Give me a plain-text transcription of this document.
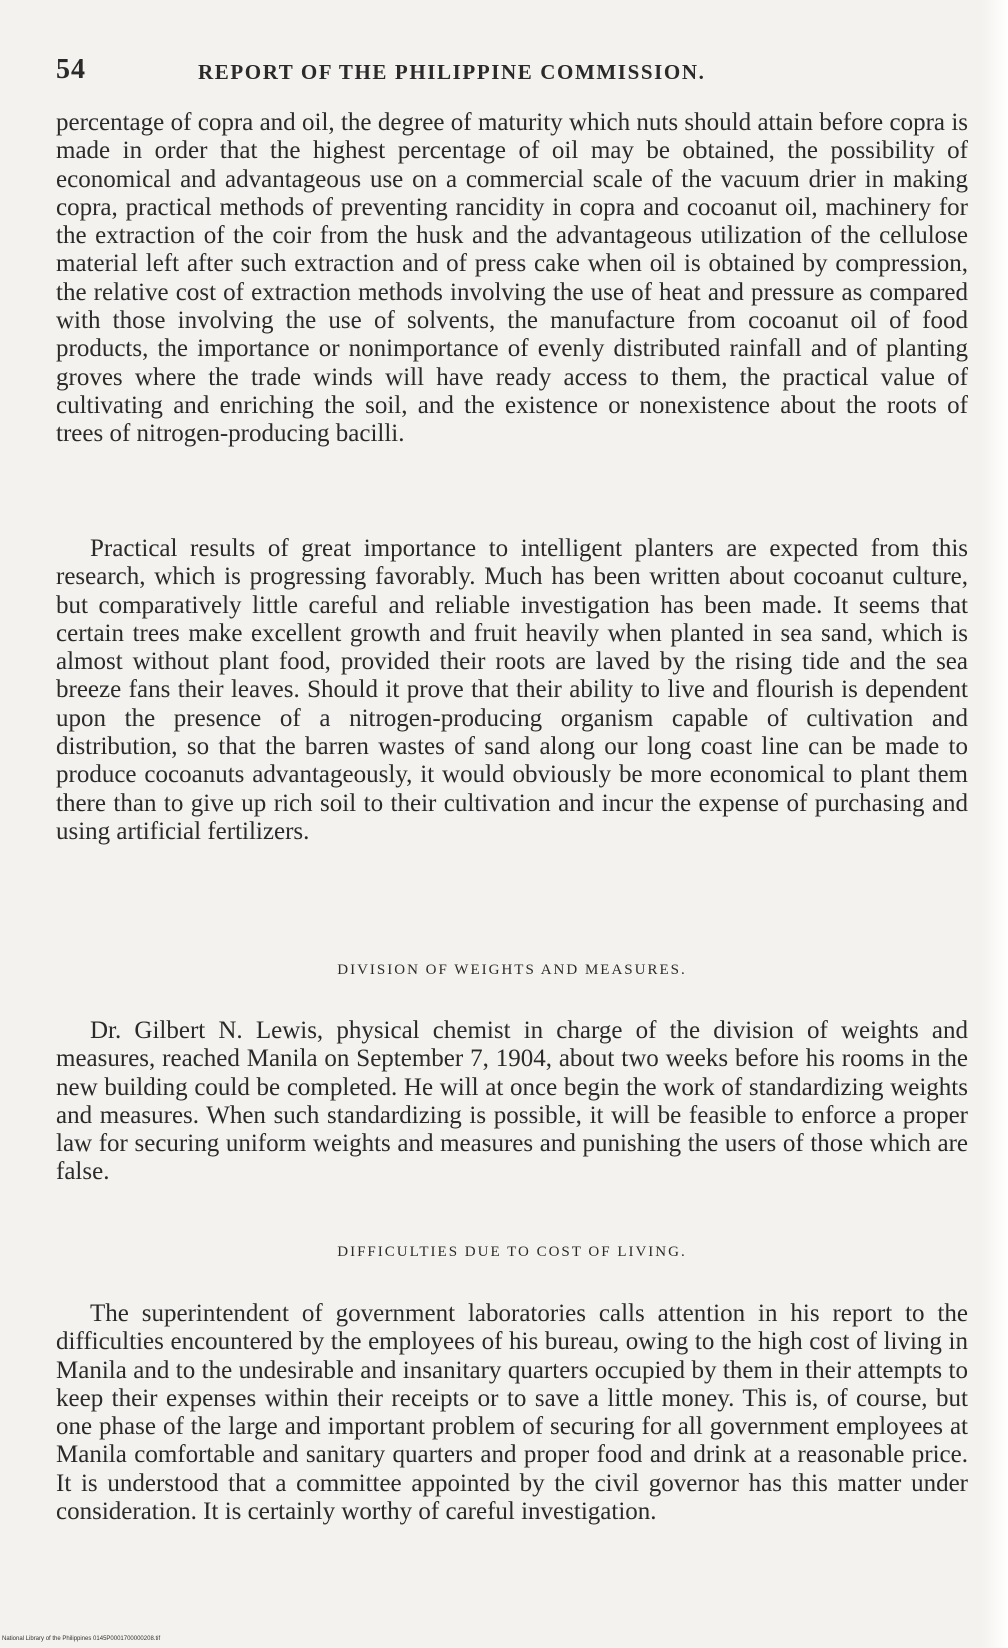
54	REPORT OF THE PHILIPPINE COMMISSION.

percentage of copra and oil, the degree of maturity which nuts should attain before copra is made in order that the highest percentage of oil may be obtained, the possibility of economical and advantageous use on a commercial scale of the vacuum drier in making copra, practical methods of preventing rancidity in copra and cocoanut oil, machinery for the extraction of the coir from the husk and the advantageous utilization of the cellulose material left after such extraction and of press cake when oil is obtained by compression, the relative cost of extraction methods involving the use of heat and pressure as compared with those involving the use of solvents, the manufacture from cocoanut oil of food products, the importance or nonimportance of evenly distributed rainfall and of planting groves where the trade winds will have ready access to them, the practical value of cultivating and enriching the soil, and the existence or nonexistence about the roots of trees of nitrogen-producing bacilli.

Practical results of great importance to intelligent planters are expected from this research, which is progressing favorably. Much has been written about cocoanut culture, but comparatively little careful and reliable investigation has been made. It seems that certain trees make excellent growth and fruit heavily when planted in sea sand, which is almost without plant food, provided their roots are laved by the rising tide and the sea breeze fans their leaves. Should it prove that their ability to live and flourish is dependent upon the presence of a nitrogen-producing organism capable of cultivation and distribution, so that the barren wastes of sand along our long coast line can be made to produce cocoanuts advantageously, it would obviously be more economical to plant them there than to give up rich soil to their cultivation and incur the expense of purchasing and using artificial fertilizers.

DIVISION OF WEIGHTS AND MEASURES.

Dr. Gilbert N. Lewis, physical chemist in charge of the division of weights and measures, reached Manila on September 7, 1904, about two weeks before his rooms in the new building could be completed. He will at once begin the work of standardizing weights and measures. When such standardizing is possible, it will be feasible to enforce a proper law for securing uniform weights and measures and punishing the users of those which are false.

DIFFICULTIES DUE TO COST OF LIVING.

The superintendent of government laboratories calls attention in his report to the difficulties encountered by the employees of his bureau, owing to the high cost of living in Manila and to the undesirable and insanitary quarters occupied by them in their attempts to keep their expenses within their receipts or to save a little money. This is, of course, but one phase of the large and important problem of securing for all government employees at Manila comfortable and sanitary quarters and proper food and drink at a reasonable price. It is understood that a committee appointed by the civil governor has this matter under consideration. It is certainly worthy of careful investigation.

National Library of the Philippines 0145P0001700000208.tif
